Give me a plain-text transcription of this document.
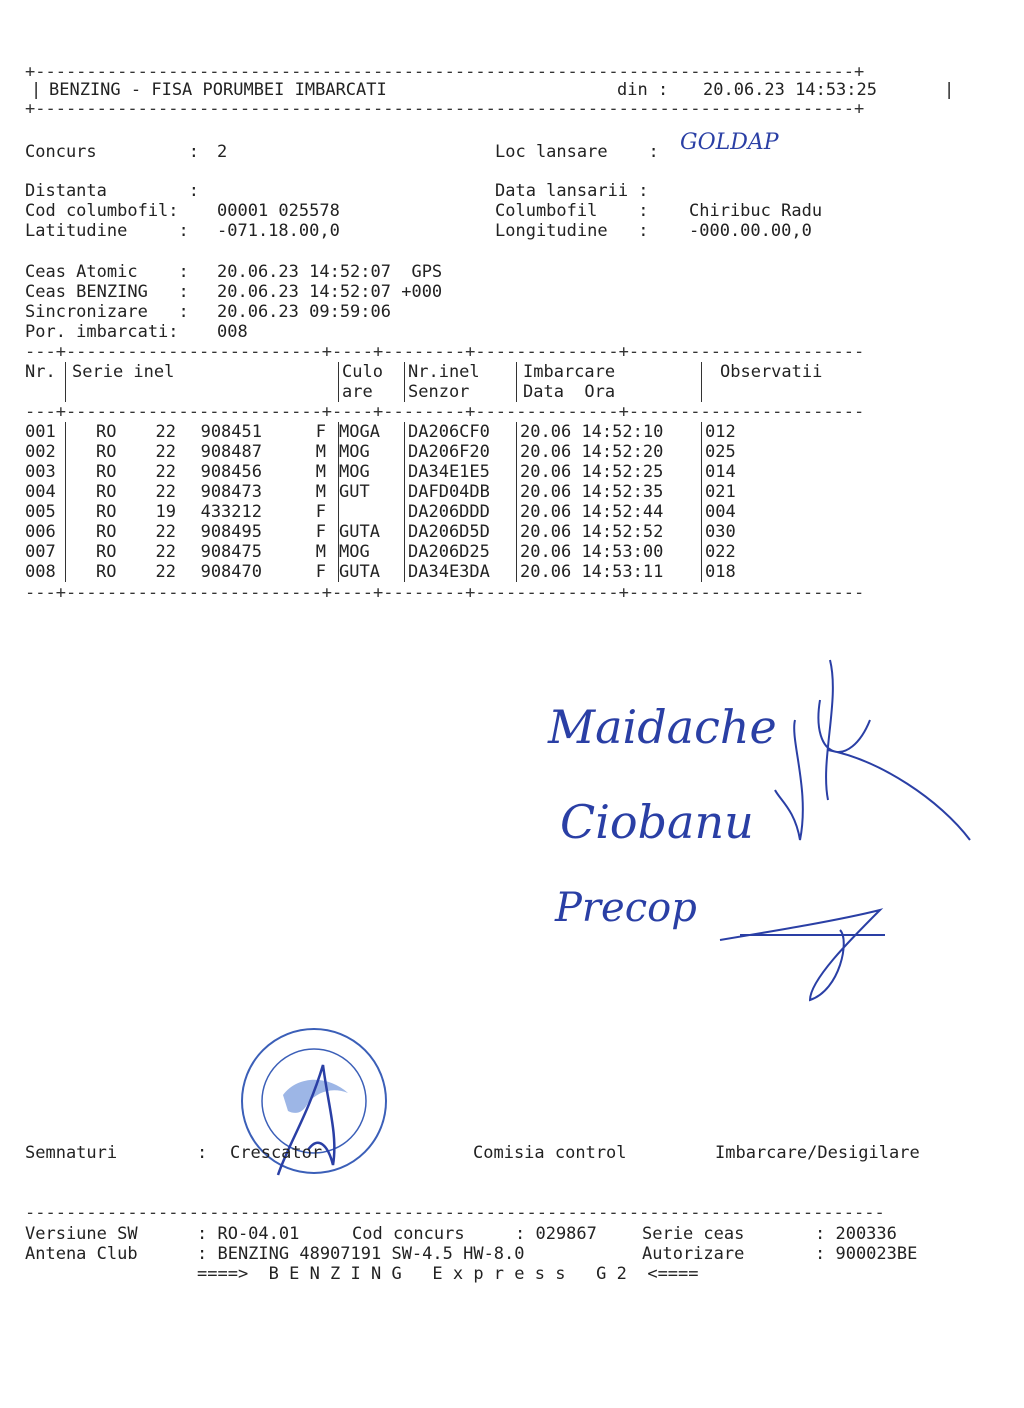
+--------------------------------------------------------------------------------+
| BENZING - FISA PORUMBEI IMBARCATI	din : 20.06.23 14:53:25	|
+--------------------------------------------------------------------------------+
Concurs         : 2	Loc lansare    : GOLDAP
Distanta        :	Data lansarii :
Cod columbofil: 00001 025578	Columbofil    : Chiribuc Radu
Latitudine     : -071.18.00,0	Longitudine   : -000.00.00,0
Ceas Atomic    : 20.06.23 14:52:07  GPS
Ceas BENZING   : 20.06.23 14:52:07 +000
Sincronizare   : 20.06.23 09:59:06
Por. imbarcati: 008
---+-------------------------+----+--------+--------------+-----------------------
---+-------------------------+----+--------+--------------+-----------------------
---+-------------------------+----+--------+--------------+-----------------------
Nr.	Serie inel	Culo	Nr.inel	Imbarcare	Observatii
		are	Senzor	Data  Ora	

001	RO 22 908451 F	MOGA	DA206CF0	20.06 14:52:10	012
002	RO 22 908487 M	MOG	DA206F20	20.06 14:52:20	025
003	RO 22 908456 M	MOG	DA34E1E5	20.06 14:52:25	014
004	RO 22 908473 M	GUT	DAFD04DB	20.06 14:52:35	021
005	RO 19 433212 F		DA206DDD	20.06 14:52:44	004
006	RO 22 908495 F	GUTA	DA206D5D	20.06 14:52:52	030
007	RO 22 908475 M	MOG	DA206D25	20.06 14:53:00	022
008	RO 22 908470 F	GUTA	DA34E3DA	20.06 14:53:11	018
Maidache
Ciobanu
Precop
Semnaturi	: Crescator	Comisia control	Imbarcare/Desigilare
------------------------------------------------------------------------------------
Versiune SW	: RO-04.01	Cod concurs	: 029867	Serie ceas	: 200336
Antena Club	: BENZING 48907191 SW-4.5 HW-8.0	Autorizare	: 900023BE
====>  B E N Z I N G   E x p r e s s   G 2  <====
